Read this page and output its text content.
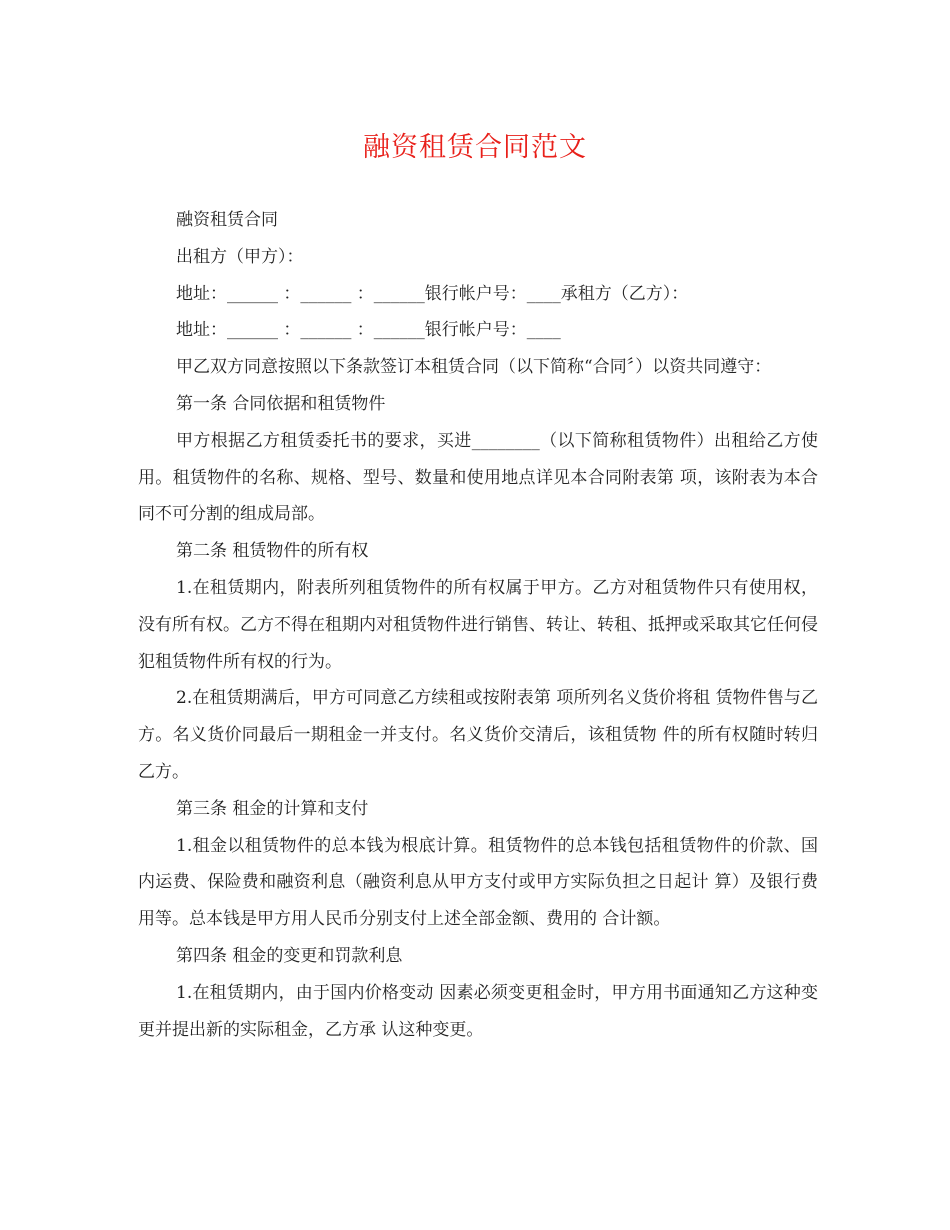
融资租赁合同范文

融资租赁合同

出租方（甲方）：

地址：______ ：______ ：______银行帐户号：____承租方（乙方）：

地址：______ ：______ ：______银行帐户号：____

甲乙双方同意按照以下条款签订本租赁合同（以下简称“合同〞）以资共同遵守：

第一条 合同依据和租赁物件

甲方根据乙方租赁委托书的要求，买进________（以下简称租赁物件）出租给乙方使用。租赁物件的名称、规格、型号、数量和使用地点详见本合同附表第 项，该附表为本合同不可分割的组成局部。

第二条 租赁物件的所有权

1.在租赁期内，附表所列租赁物件的所有权属于甲方。乙方对租赁物件只有使用权，没有所有权。乙方不得在租期内对租赁物件进行销售、转让、转租、抵押或采取其它任何侵犯租赁物件所有权的行为。

2.在租赁期满后，甲方可同意乙方续租或按附表第 项所列名义货价将租 赁物件售与乙方。名义货价同最后一期租金一并支付。名义货价交清后，该租赁物 件的所有权随时转归乙方。

第三条 租金的计算和支付

1.租金以租赁物件的总本钱为根底计算。租赁物件的总本钱包括租赁物件的价款、国内运费、保险费和融资利息（融资利息从甲方支付或甲方实际负担之日起计 算）及银行费用等。总本钱是甲方用人民币分别支付上述全部金额、费用的 合计额。

第四条 租金的变更和罚款利息

1.在租赁期内，由于国内价格变动 因素必须变更租金时，甲方用书面通知乙方这种变更并提出新的实际租金，乙方承 认这种变更。
